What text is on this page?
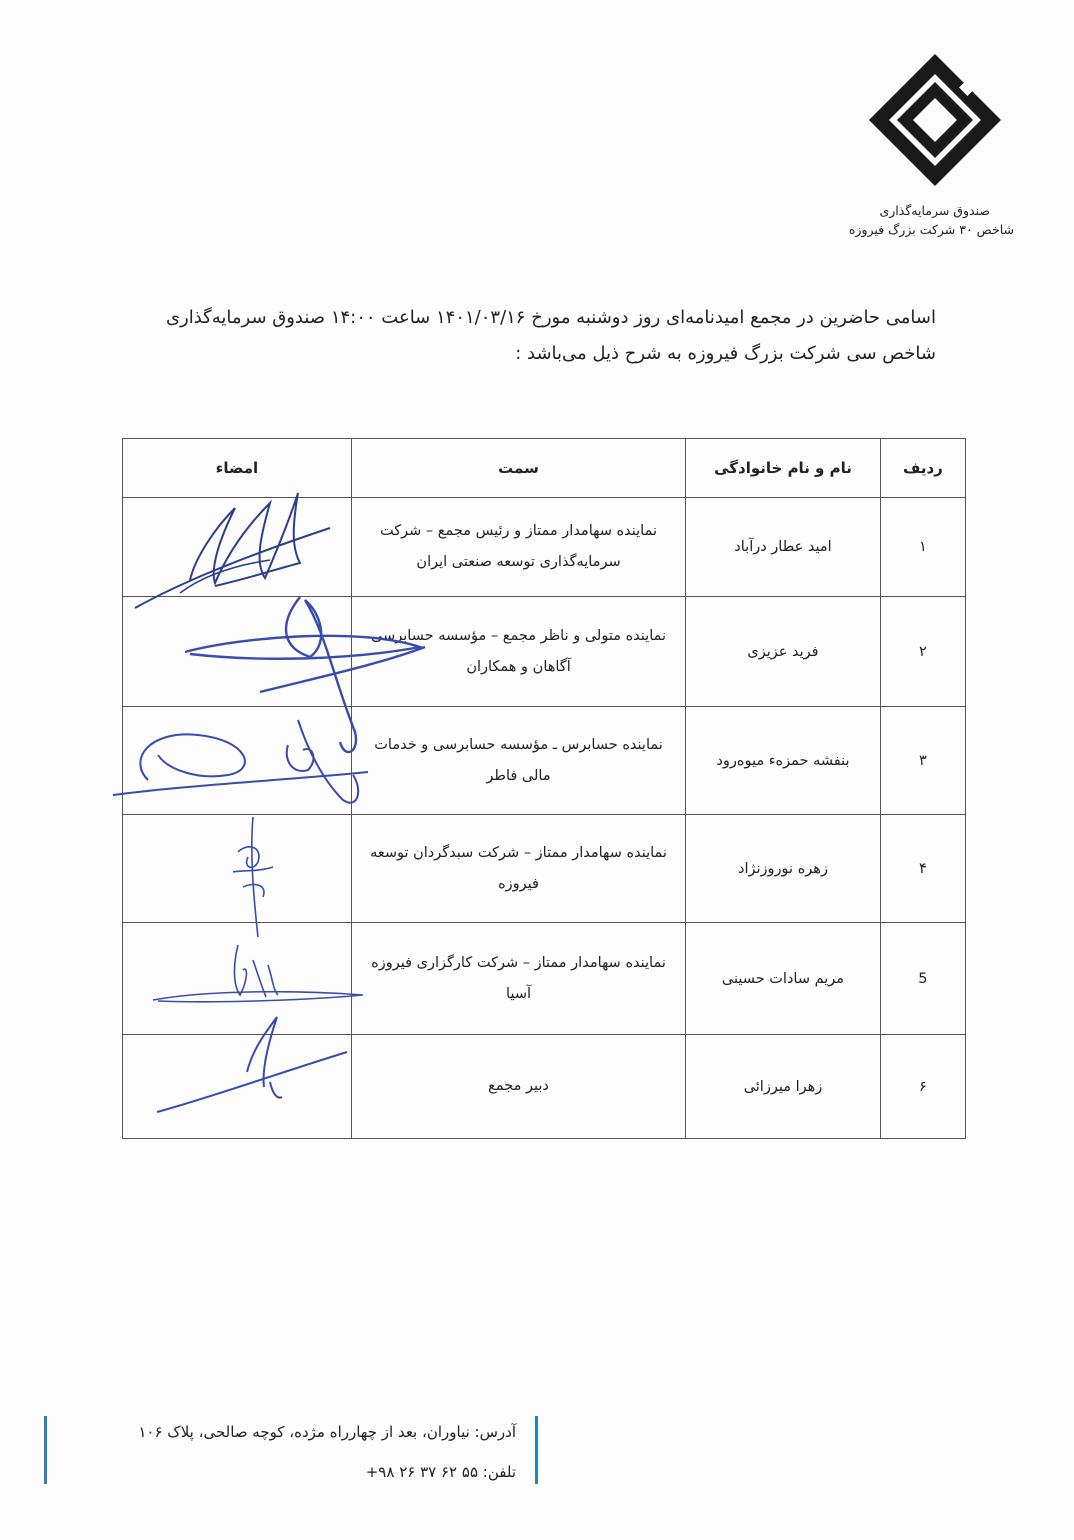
صندوق سرمایه‌گذاری
شاخص ۳۰ شرکت بزرگ فیروزه
اسامی حاضرین در مجمع امیدنامه‌ای روز دوشنبه مورخ ۱۴۰۱/۰۳/۱۶ ساعت ۱۴:۰۰ صندوق سرمایه‌گذاری
شاخص سی شرکت بزرگ فیروزه به شرح ذیل می‌باشد :
ردیف	نام و نام خانوادگی	سمت	امضاء
۱	امید عطار درآباد	نماینده سهامدار ممتاز و رئیس مجمع – شرکت سرمایه‌گذاری توسعه صنعتی ایران	
۲	فرید عزیزی	نماینده متولی و ناظر مجمع – مؤسسه حسابرسی آگاهان و همکاران	
۳	بنفشه حمزه‌ء میوه‌رود	نماینده حسابرس ـ مؤسسه حسابرسی و خدمات مالی فاطر	
۴	زهره نوروزنژاد	نماینده سهامدار ممتاز – شرکت سبدگردان توسعه فیروزه	
5	مریم سادات حسینی	نماینده سهامدار ممتاز – شرکت کارگزاری فیروزه آسیا	
۶	زهرا میرزائی	دبیر مجمع	
آدرس: نیاوران، بعد از چهارراه مژده، کوچه صالحی، پلاک ۱۰۶
تلفن: ۵۵ ۶۲ ۳۷ ۲۶ ۹۸+
